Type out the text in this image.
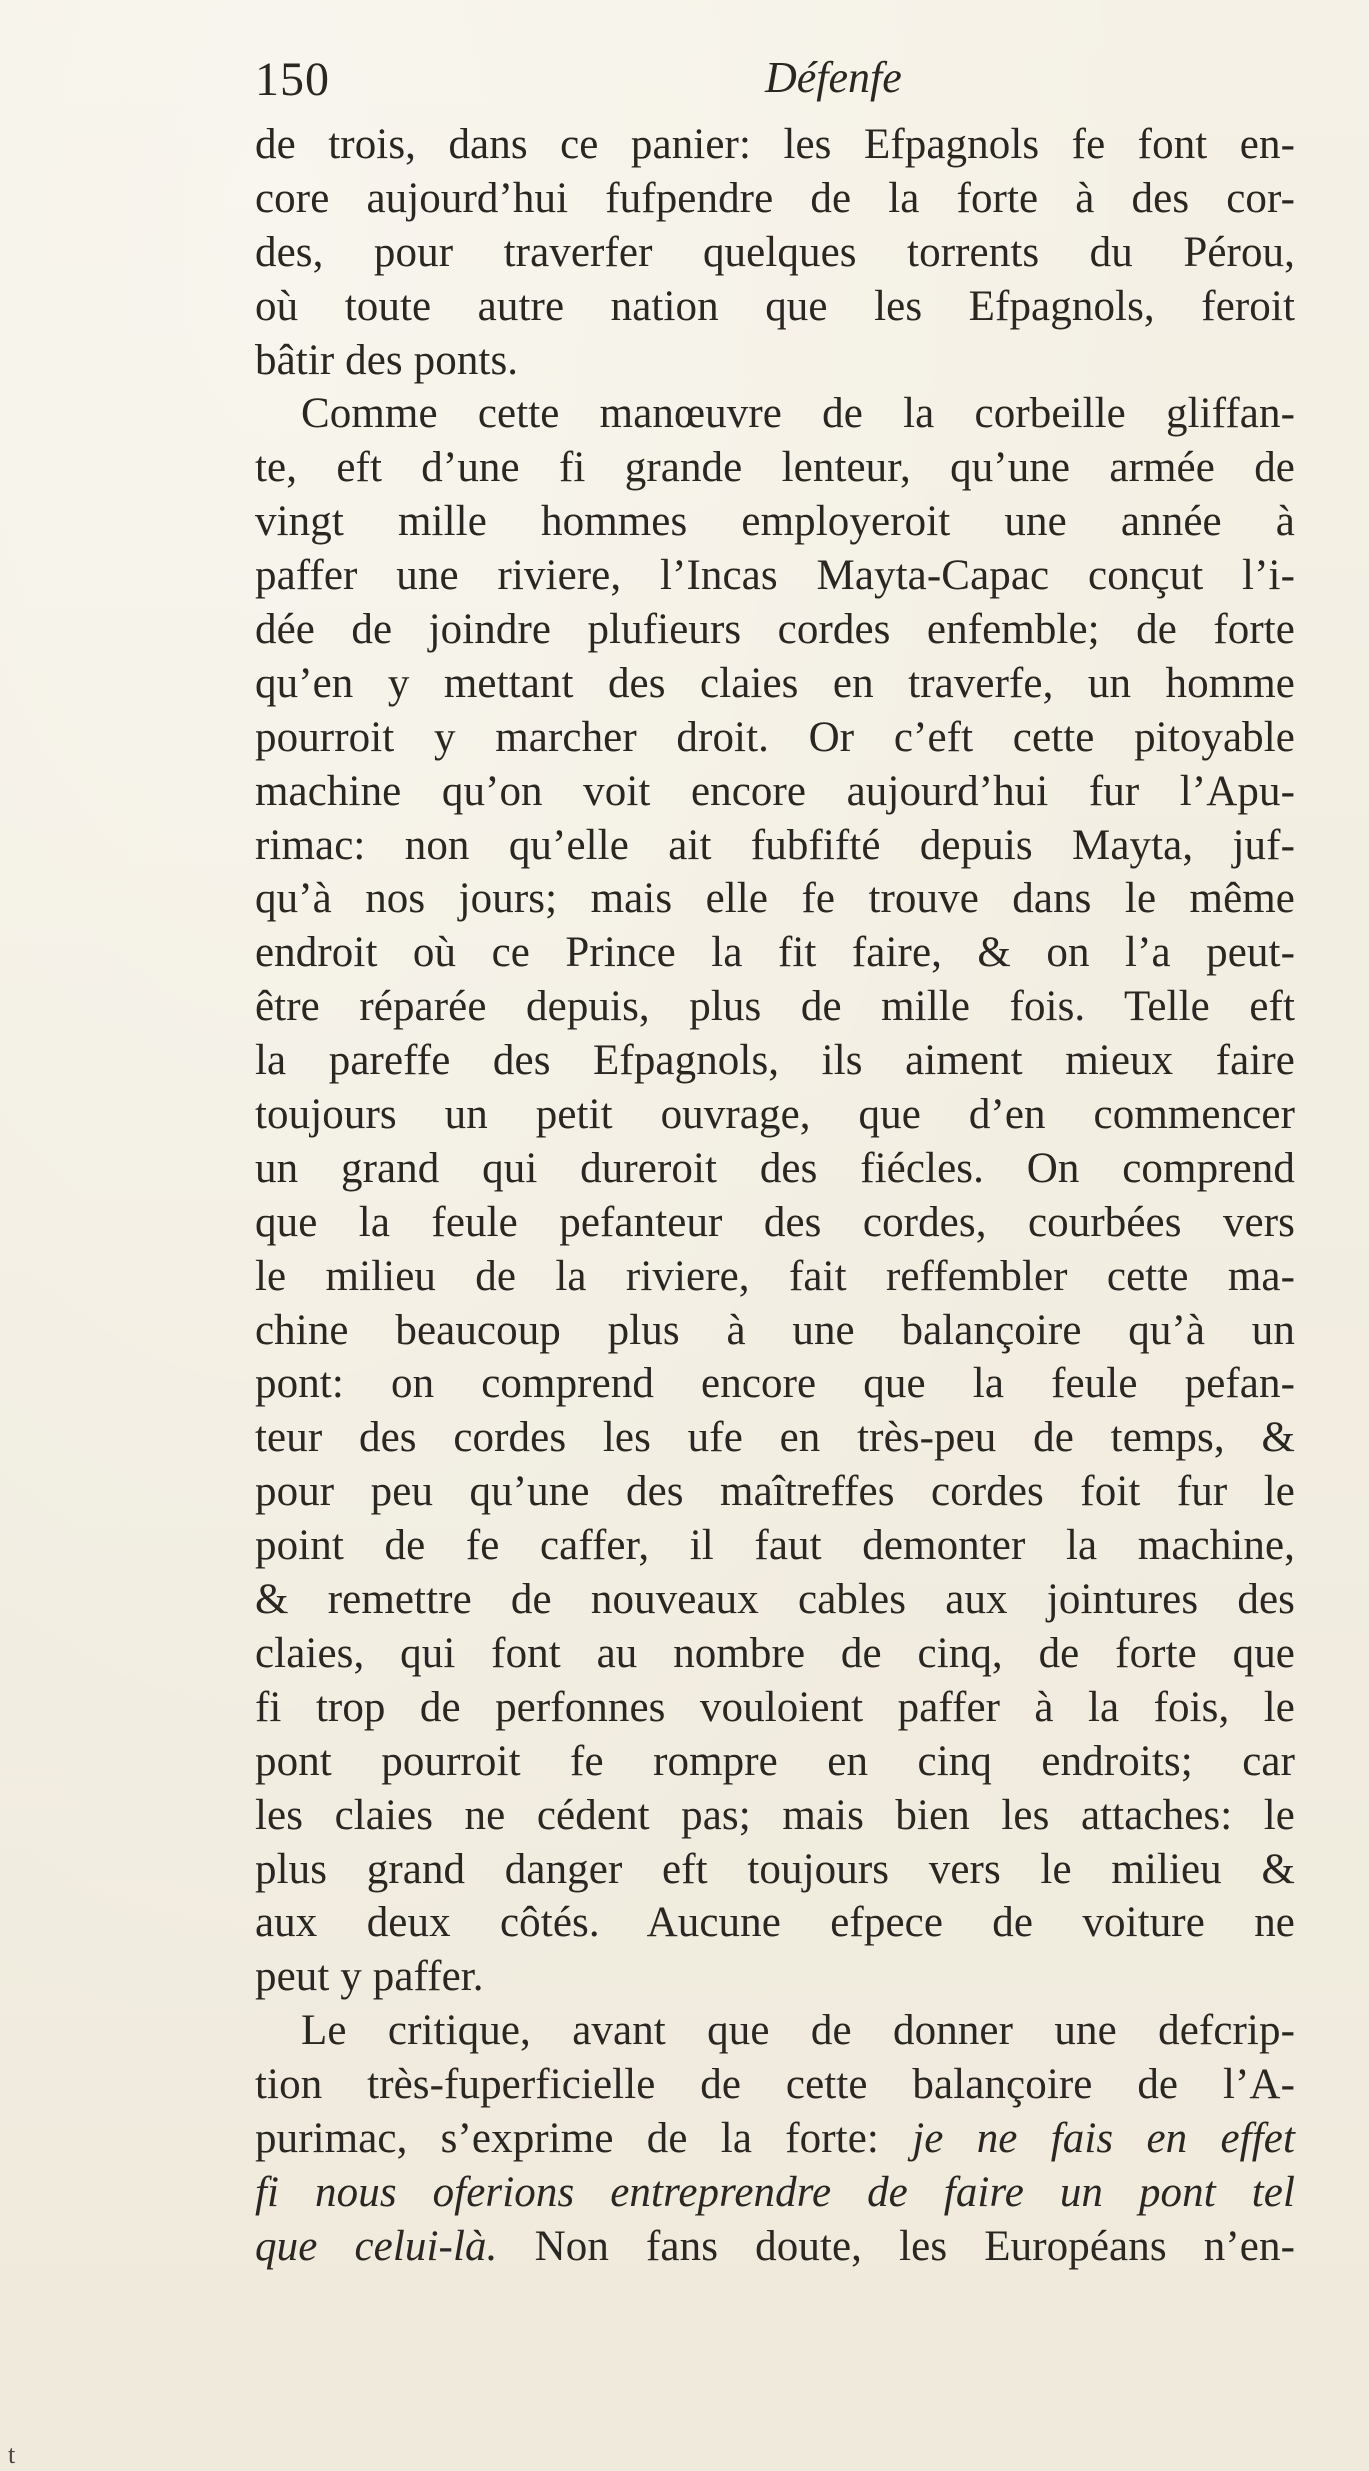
150	Défenfe
de trois, dans ce panier: les Efpagnols fe font en-
core aujourd’hui fufpendre de la forte à des cor-
des, pour traverfer quelques torrents du Pérou,
où toute autre nation que les Efpagnols, feroit
bâtir des ponts.
Comme cette manœuvre de la corbeille gliffan-
te, eft d’une fi grande lenteur, qu’une armée de
vingt mille hommes employeroit une année à
paffer une riviere, l’Incas Mayta-Capac conçut l’i-
dée de joindre plufieurs cordes enfemble; de forte
qu’en y mettant des claies en traverfe, un homme
pourroit y marcher droit. Or c’eft cette pitoyable
machine qu’on voit encore aujourd’hui fur l’Apu-
rimac: non qu’elle ait fubfifté depuis Mayta, juf-
qu’à nos jours; mais elle fe trouve dans le même
endroit où ce Prince la fit faire, & on l’a peut-
être réparée depuis, plus de mille fois. Telle eft
la pareffe des Efpagnols, ils aiment mieux faire
toujours un petit ouvrage, que d’en commencer
un grand qui dureroit des fiécles. On comprend
que la feule pefanteur des cordes, courbées vers
le milieu de la riviere, fait reffembler cette ma-
chine beaucoup plus à une balançoire qu’à un
pont: on comprend encore que la feule pefan-
teur des cordes les ufe en très-peu de temps, &
pour peu qu’une des maîtreffes cordes foit fur le
point de fe caffer, il faut demonter la machine,
& remettre de nouveaux cables aux jointures des
claies, qui font au nombre de cinq, de forte que
fi trop de perfonnes vouloient paffer à la fois, le
pont pourroit fe rompre en cinq endroits; car
les claies ne cédent pas; mais bien les attaches: le
plus grand danger eft toujours vers le milieu &
aux deux côtés. Aucune efpece de voiture ne
peut y paffer.
Le critique, avant que de donner une defcrip-
tion très-fuperficielle de cette balançoire de l’A-
purimac, s’exprime de la forte: je ne fais en effet
fi nous oferions entreprendre de faire un pont tel
que celui-là. Non fans doute, les Européans n’en-
t
